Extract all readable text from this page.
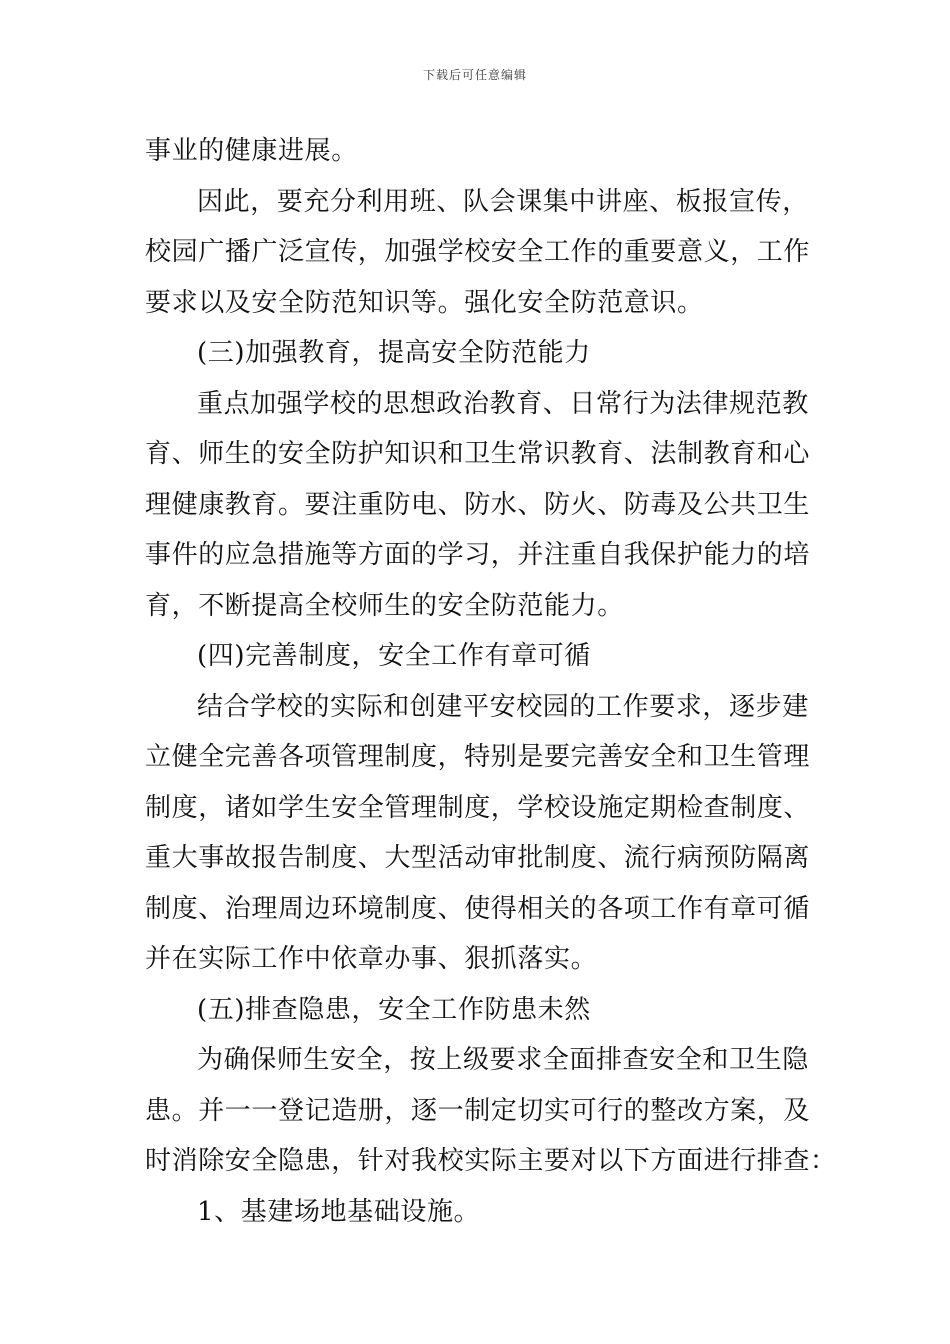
下载后可任意编辑
事业的健康进展。
因此，要充分利用班、队会课集中讲座、板报宣传，
校园广播广泛宣传，加强学校安全工作的重要意义，工作
要求以及安全防范知识等。强化安全防范意识。
(三)加强教育，提高安全防范能力
重点加强学校的思想政治教育、日常行为法律规范教
育、师生的安全防护知识和卫生常识教育、法制教育和心
理健康教育。要注重防电、防水、防火、防毒及公共卫生
事件的应急措施等方面的学习，并注重自我保护能力的培
育，不断提高全校师生的安全防范能力。
(四)完善制度，安全工作有章可循
结合学校的实际和创建平安校园的工作要求，逐步建
立健全完善各项管理制度，特别是要完善安全和卫生管理
制度，诸如学生安全管理制度，学校设施定期检查制度、
重大事故报告制度、大型活动审批制度、流行病预防隔离
制度、治理周边环境制度、使得相关的各项工作有章可循
并在实际工作中依章办事、狠抓落实。
(五)排查隐患，安全工作防患未然
为确保师生安全，按上级要求全面排查安全和卫生隐
患。并一一登记造册，逐一制定切实可行的整改方案，及
时消除安全隐患，针对我校实际主要对以下方面进行排查：
1、基建场地基础设施。
